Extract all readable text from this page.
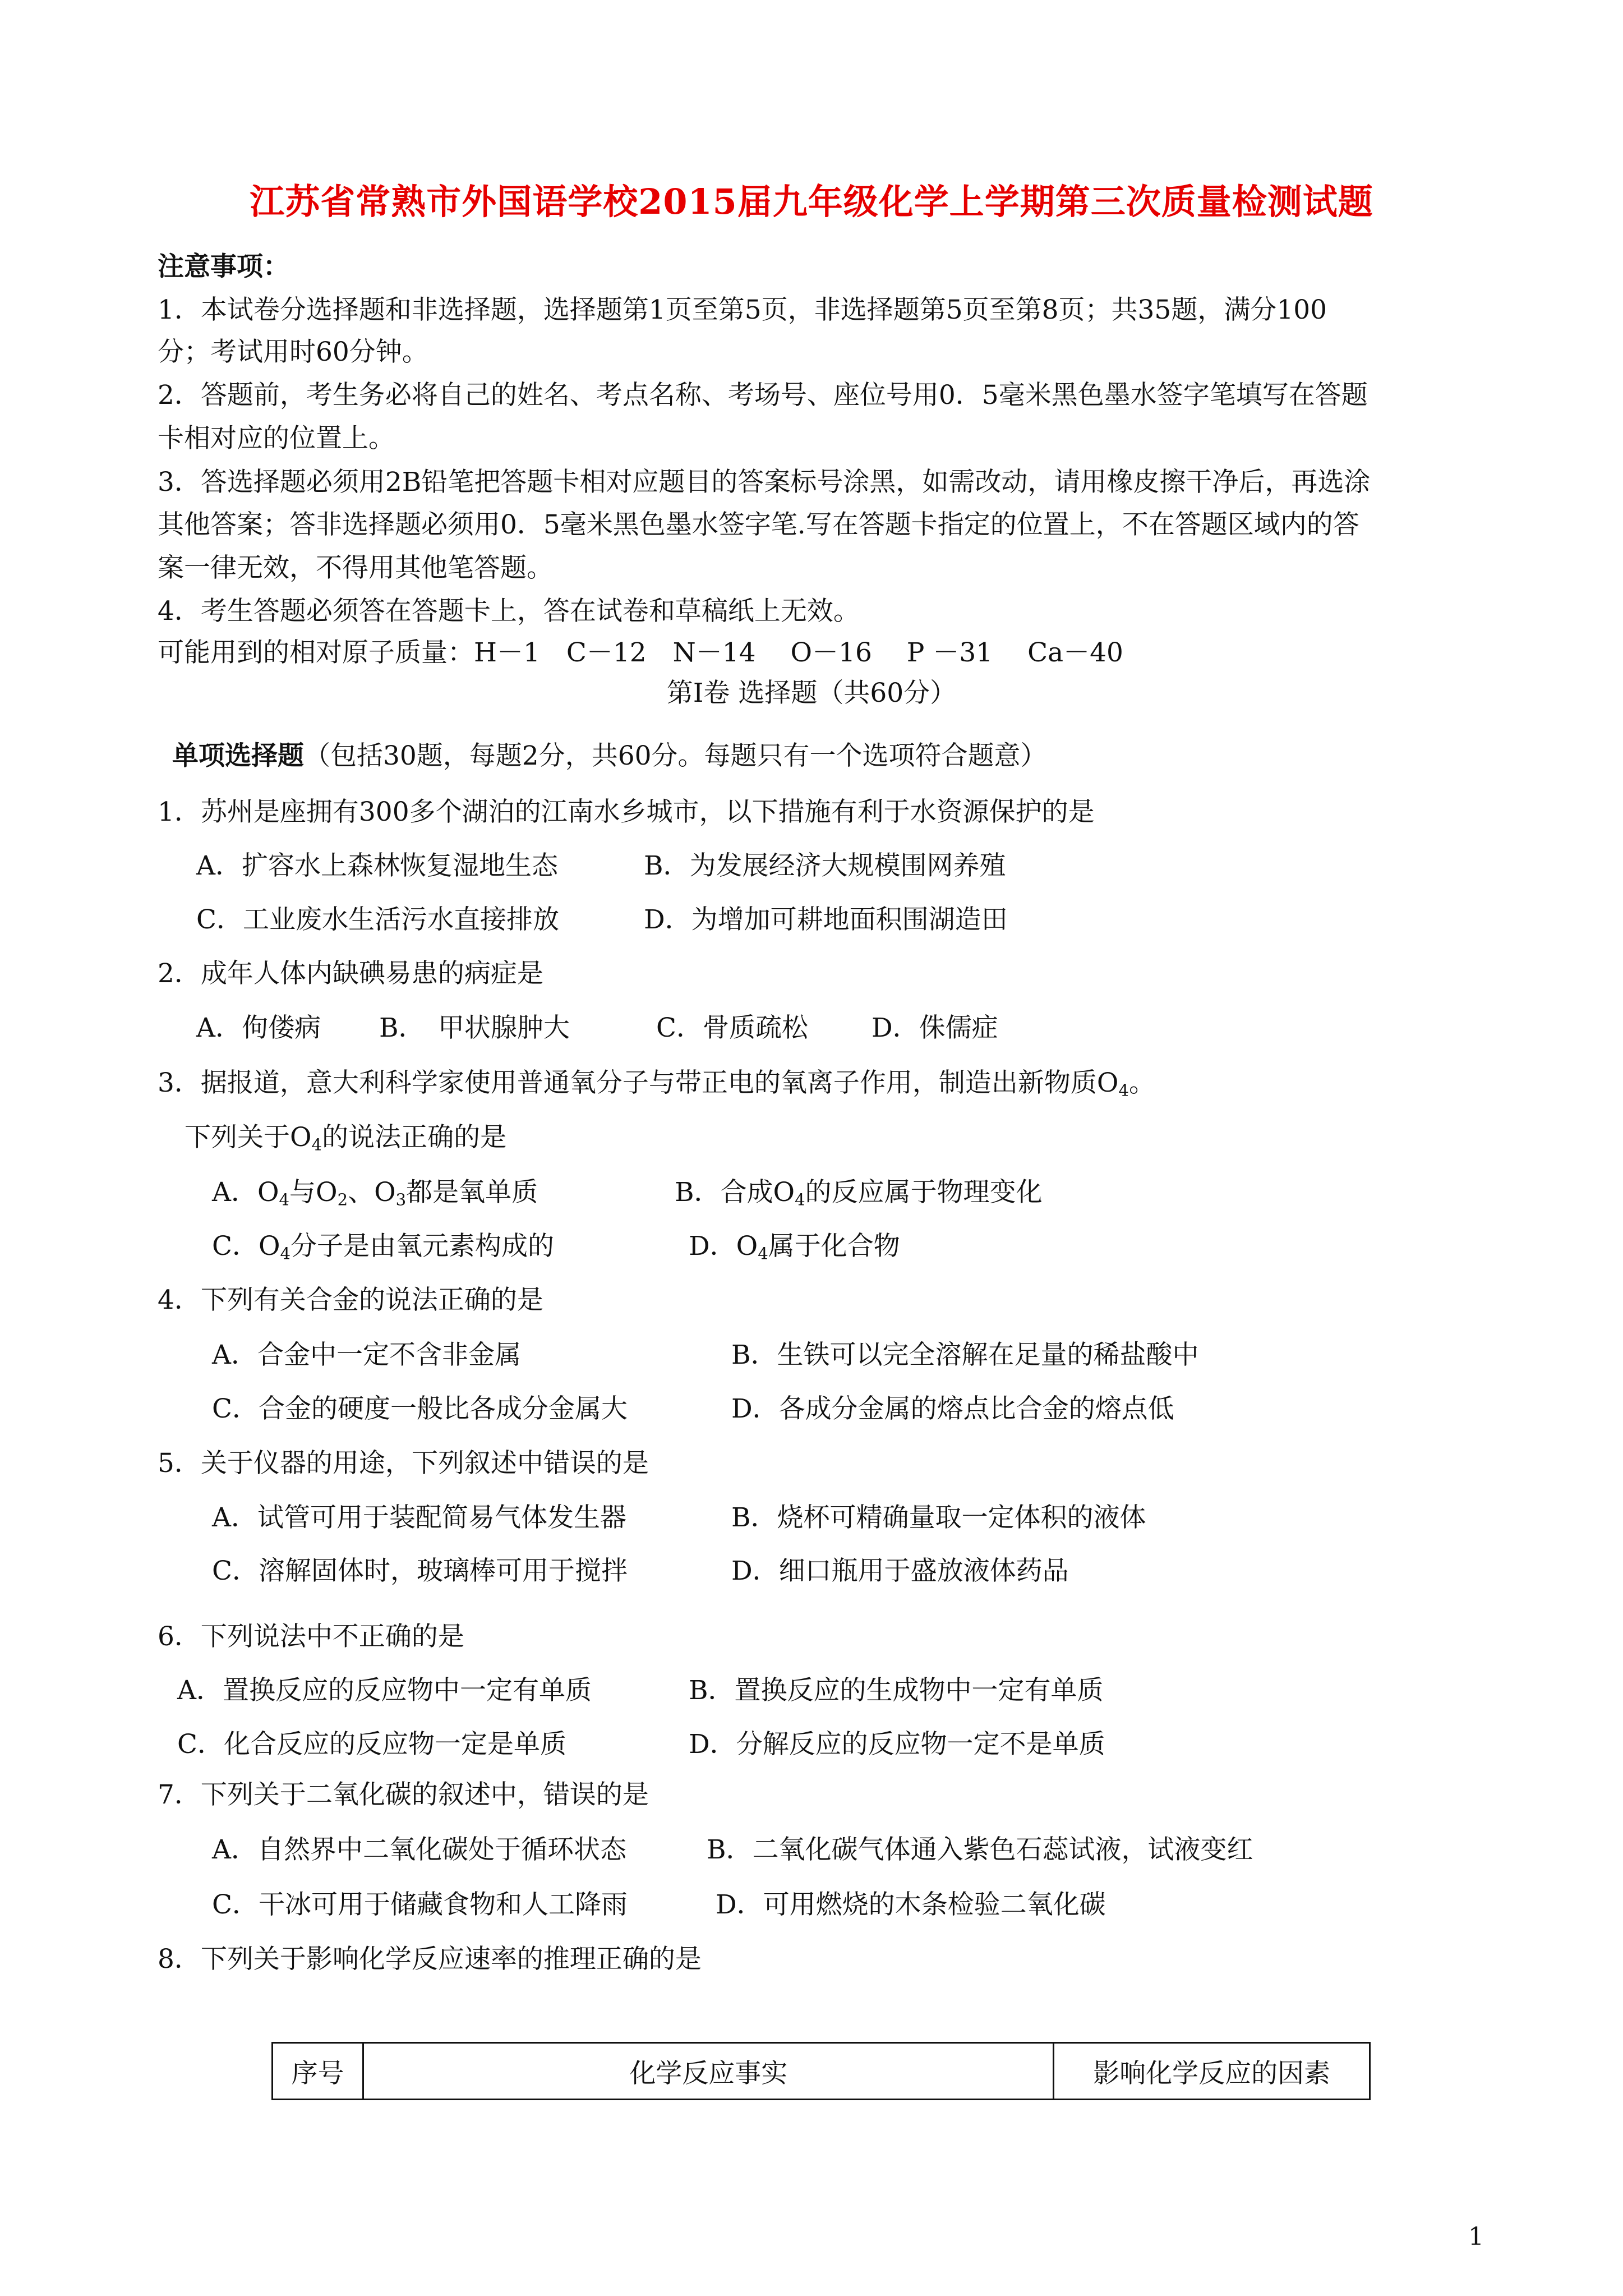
江苏省常熟市外国语学校2015届九年级化学上学期第三次质量检测试题
注意事项：
1．本试卷分选择题和非选择题，选择题第1页至第5页，非选择题第5页至第8页；共35题，满分100
分；考试用时60分钟。
2．答题前，考生务必将自己的姓名、考点名称、考场号、座位号用0．5毫米黑色墨水签字笔填写在答题
卡相对应的位置上。
3．答选择题必须用2B铅笔把答题卡相对应题目的答案标号涂黑，如需改动，请用橡皮擦干净后，再选涂
其他答案；答非选择题必须用0．5毫米黑色墨水签字笔.写在答题卡指定的位置上，不在答题区域内的答
案一律无效，不得用其他笔答题。
4．考生答题必须答在答题卡上，答在试卷和草稿纸上无效。
可能用到的相对原子质量：H－1　C－12　N－14　 O－16　 P －31　 Ca－40
第Ⅰ卷 选择题（共60分）
单项选择题（包括30题，每题2分，共60分。每题只有一个选项符合题意）
1．苏州是座拥有300多个湖泊的江南水乡城市，以下措施有利于水资源保护的是
A．扩容水上森林恢复湿地生态	B．为发展经济大规模围网养殖
C．工业废水生活污水直接排放	D．为增加可耕地面积围湖造田
2．成年人体内缺碘易患的病症是
A．佝偻病 B．　甲状腺肿大	C．骨质疏松 D．侏儒症
3．据报道，意大利科学家使用普通氧分子与带正电的氧离子作用，制造出新物质$O_4$。
下列关于$O_4$的说法正确的是
A．$O_4$与$O_2$、$O_3$都是氧单质	B．合成$O_4$的反应属于物理变化
C．$O_4$分子是由氧元素构成的	D．$O_4$属于化合物
4．下列有关合金的说法正确的是
A．合金中一定不含非金属	B．生铁可以完全溶解在足量的稀盐酸中
C．合金的硬度一般比各成分金属大	D．各成分金属的熔点比合金的熔点低
5．关于仪器的用途，下列叙述中错误的是
A．试管可用于装配简易气体发生器	B．烧杯可精确量取一定体积的液体
C．溶解固体时，玻璃棒可用于搅拌	D．细口瓶用于盛放液体药品
6．下列说法中不正确的是
A．置换反应的反应物中一定有单质	B．置换反应的生成物中一定有单质
C．化合反应的反应物一定是单质	D．分解反应的反应物一定不是单质
7．下列关于二氧化碳的叙述中，错误的是
A．自然界中二氧化碳处于循环状态	B．二氧化碳气体通入紫色石蕊试液，试液变红
C．干冰可用于储藏食物和人工降雨	D．可用燃烧的木条检验二氧化碳
8．下列关于影响化学反应速率的推理正确的是
序号	化学反应事实	影响化学反应的因素
1
